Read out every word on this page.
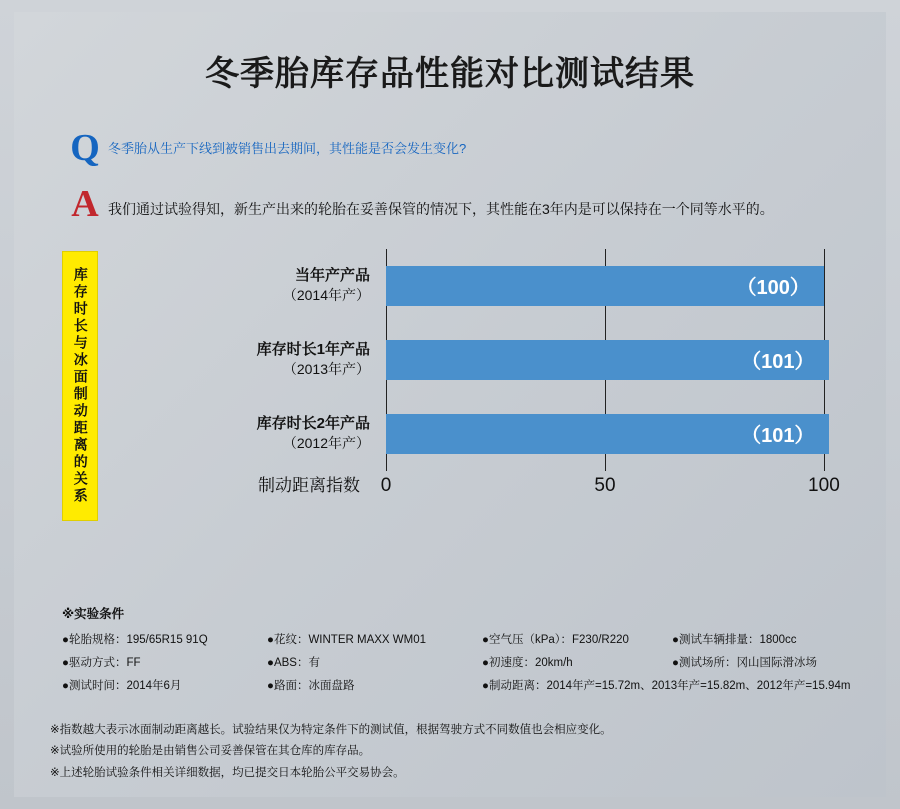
冬季胎库存品性能对比测试结果
Q 冬季胎从生产下线到被销售出去期间，其性能是否会发生变化?
A 我们通过试验得知，新生产出来的轮胎在妥善保管的情况下，其性能在3年内是可以保持在一个同等水平的。
库存时长与冰面制动距离的关系	当年产产品
（2014年产）
库存时长1年产品
（2013年产）
库存时长2年产品
（2012年产）
（100）
（101）
（101）
制动距离指数	0	50	100
※实验条件
●轮胎规格：195/65R15 91Q	●花纹：WINTER MAXX WM01	●空气压（kPa）：F230/R220	●测试车辆排量：1800cc
●驱动方式：FF	●ABS：有	●初速度：20km/h	●测试场所：冈山国际滑冰场
●测试时间：2014年6月	●路面：冰面盘路	●制动距离：2014年产=15.72m、2013年产=15.82m、2012年产=15.94m
※指数越大表示冰面制动距离越长。试验结果仅为特定条件下的测试值，根据驾驶方式不同数值也会相应变化。
※试验所使用的轮胎是由销售公司妥善保管在其仓库的库存品。
※上述轮胎试验条件相关详细数据，均已提交日本轮胎公平交易协会。
